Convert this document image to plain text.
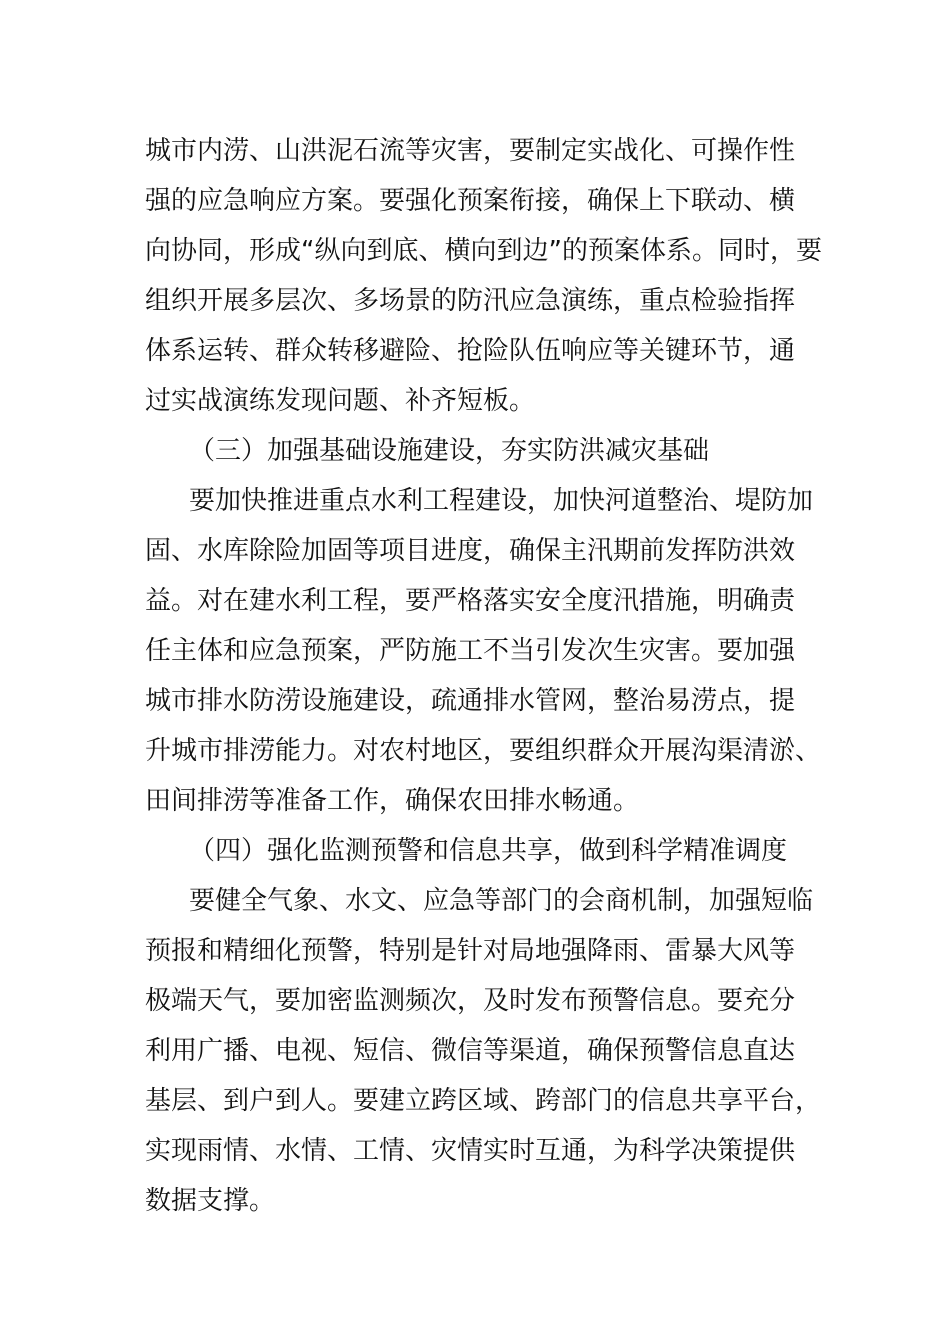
城市内涝、山洪泥石流等灾害，要制定实战化、可操作性
强的应急响应方案。要强化预案衔接，确保上下联动、横
向协同，形成“纵向到底、横向到边”的预案体系。同时，要
组织开展多层次、多场景的防汛应急演练，重点检验指挥
体系运转、群众转移避险、抢险队伍响应等关键环节，通
过实战演练发现问题、补齐短板。
（三）加强基础设施建设，夯实防洪减灾基础
要加快推进重点水利工程建设，加快河道整治、堤防加
固、水库除险加固等项目进度，确保主汛期前发挥防洪效
益。对在建水利工程，要严格落实安全度汛措施，明确责
任主体和应急预案，严防施工不当引发次生灾害。要加强
城市排水防涝设施建设，疏通排水管网，整治易涝点，提
升城市排涝能力。对农村地区，要组织群众开展沟渠清淤、
田间排涝等准备工作，确保农田排水畅通。
（四）强化监测预警和信息共享，做到科学精准调度
要健全气象、水文、应急等部门的会商机制，加强短临
预报和精细化预警，特别是针对局地强降雨、雷暴大风等
极端天气，要加密监测频次，及时发布预警信息。要充分
利用广播、电视、短信、微信等渠道，确保预警信息直达
基层、到户到人。要建立跨区域、跨部门的信息共享平台，
实现雨情、水情、工情、灾情实时互通，为科学决策提供
数据支撑。
